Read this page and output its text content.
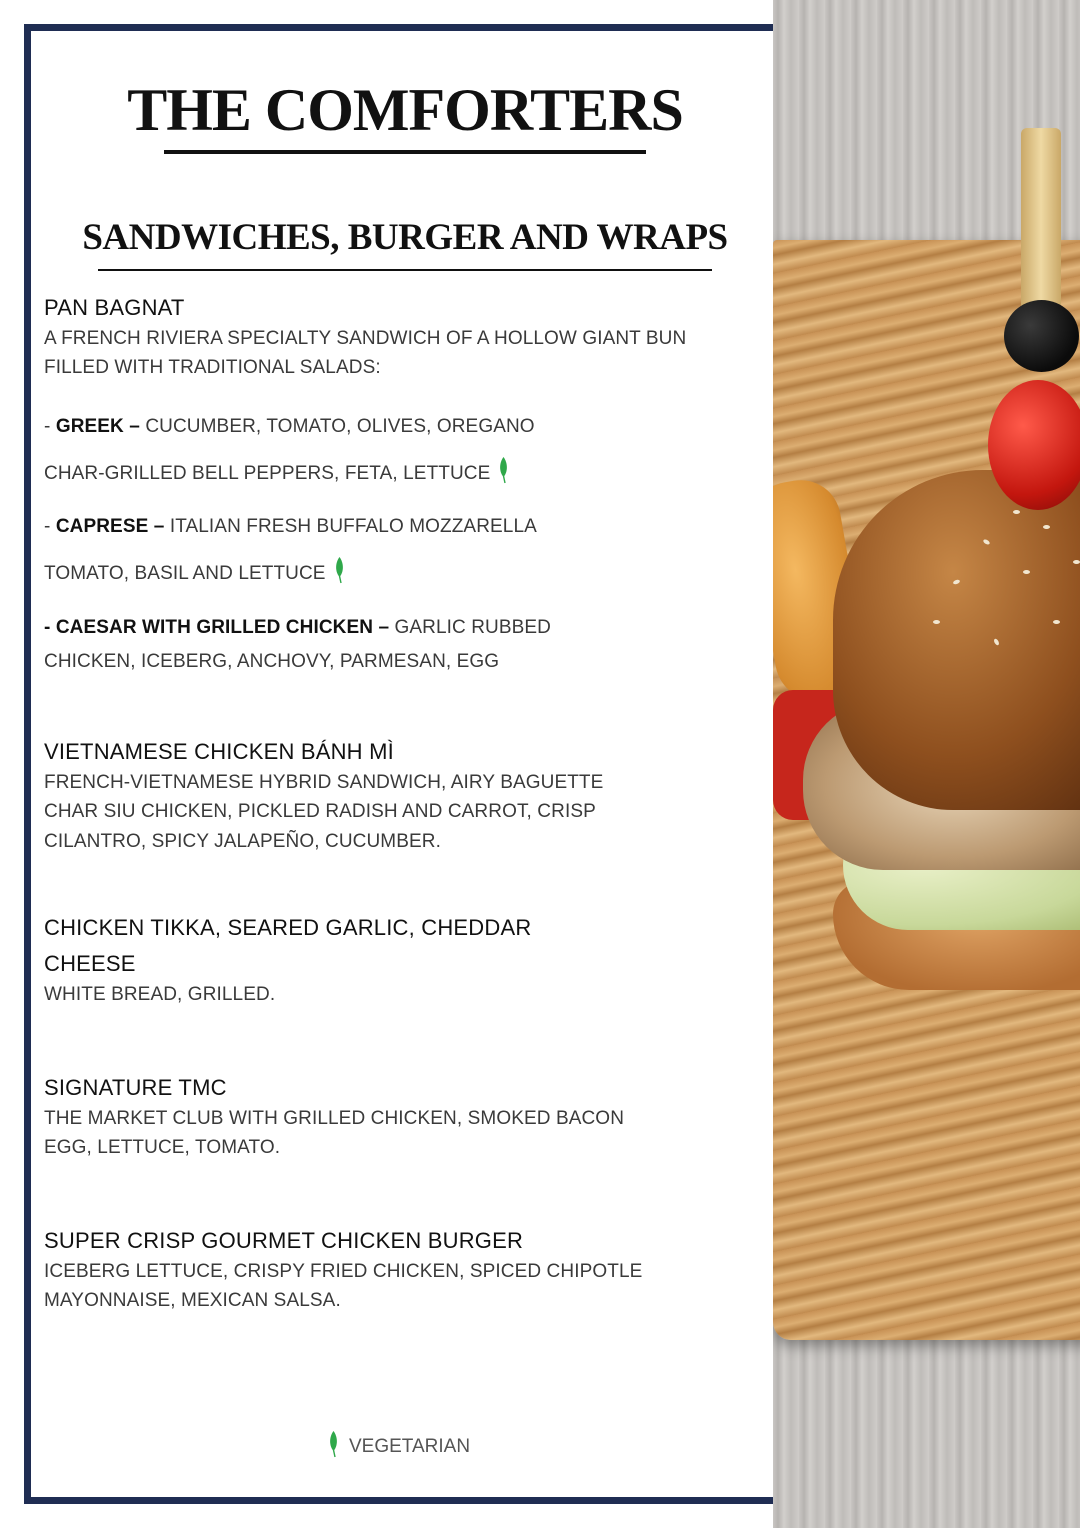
THE COMFORTERS
SANDWICHES, BURGER AND WRAPS
PAN BAGNAT
A FRENCH RIVIERA SPECIALTY SANDWICH OF A HOLLOW GIANT BUN
FILLED WITH TRADITIONAL SALADS:
- GREEK – CUCUMBER, TOMATO, OLIVES, OREGANO
CHAR-GRILLED BELL PEPPERS, FETA, LETTUCE
- CAPRESE – ITALIAN FRESH BUFFALO MOZZARELLA
TOMATO, BASIL AND LETTUCE
- CAESAR WITH GRILLED CHICKEN – GARLIC RUBBED
CHICKEN, ICEBERG, ANCHOVY, PARMESAN, EGG
VIETNAMESE CHICKEN BÁNH MÌ
FRENCH-VIETNAMESE HYBRID SANDWICH, AIRY BAGUETTE
CHAR SIU CHICKEN, PICKLED RADISH AND CARROT, CRISP
CILANTRO, SPICY JALAPEÑO, CUCUMBER.
CHICKEN TIKKA, SEARED GARLIC, CHEDDAR
CHEESE
WHITE BREAD, GRILLED.
SIGNATURE TMC
THE MARKET CLUB WITH GRILLED CHICKEN, SMOKED BACON
EGG, LETTUCE, TOMATO.
SUPER CRISP GOURMET CHICKEN BURGER
ICEBERG LETTUCE, CRISPY FRIED CHICKEN, SPICED CHIPOTLE
MAYONNAISE, MEXICAN SALSA.
VEGETARIAN
